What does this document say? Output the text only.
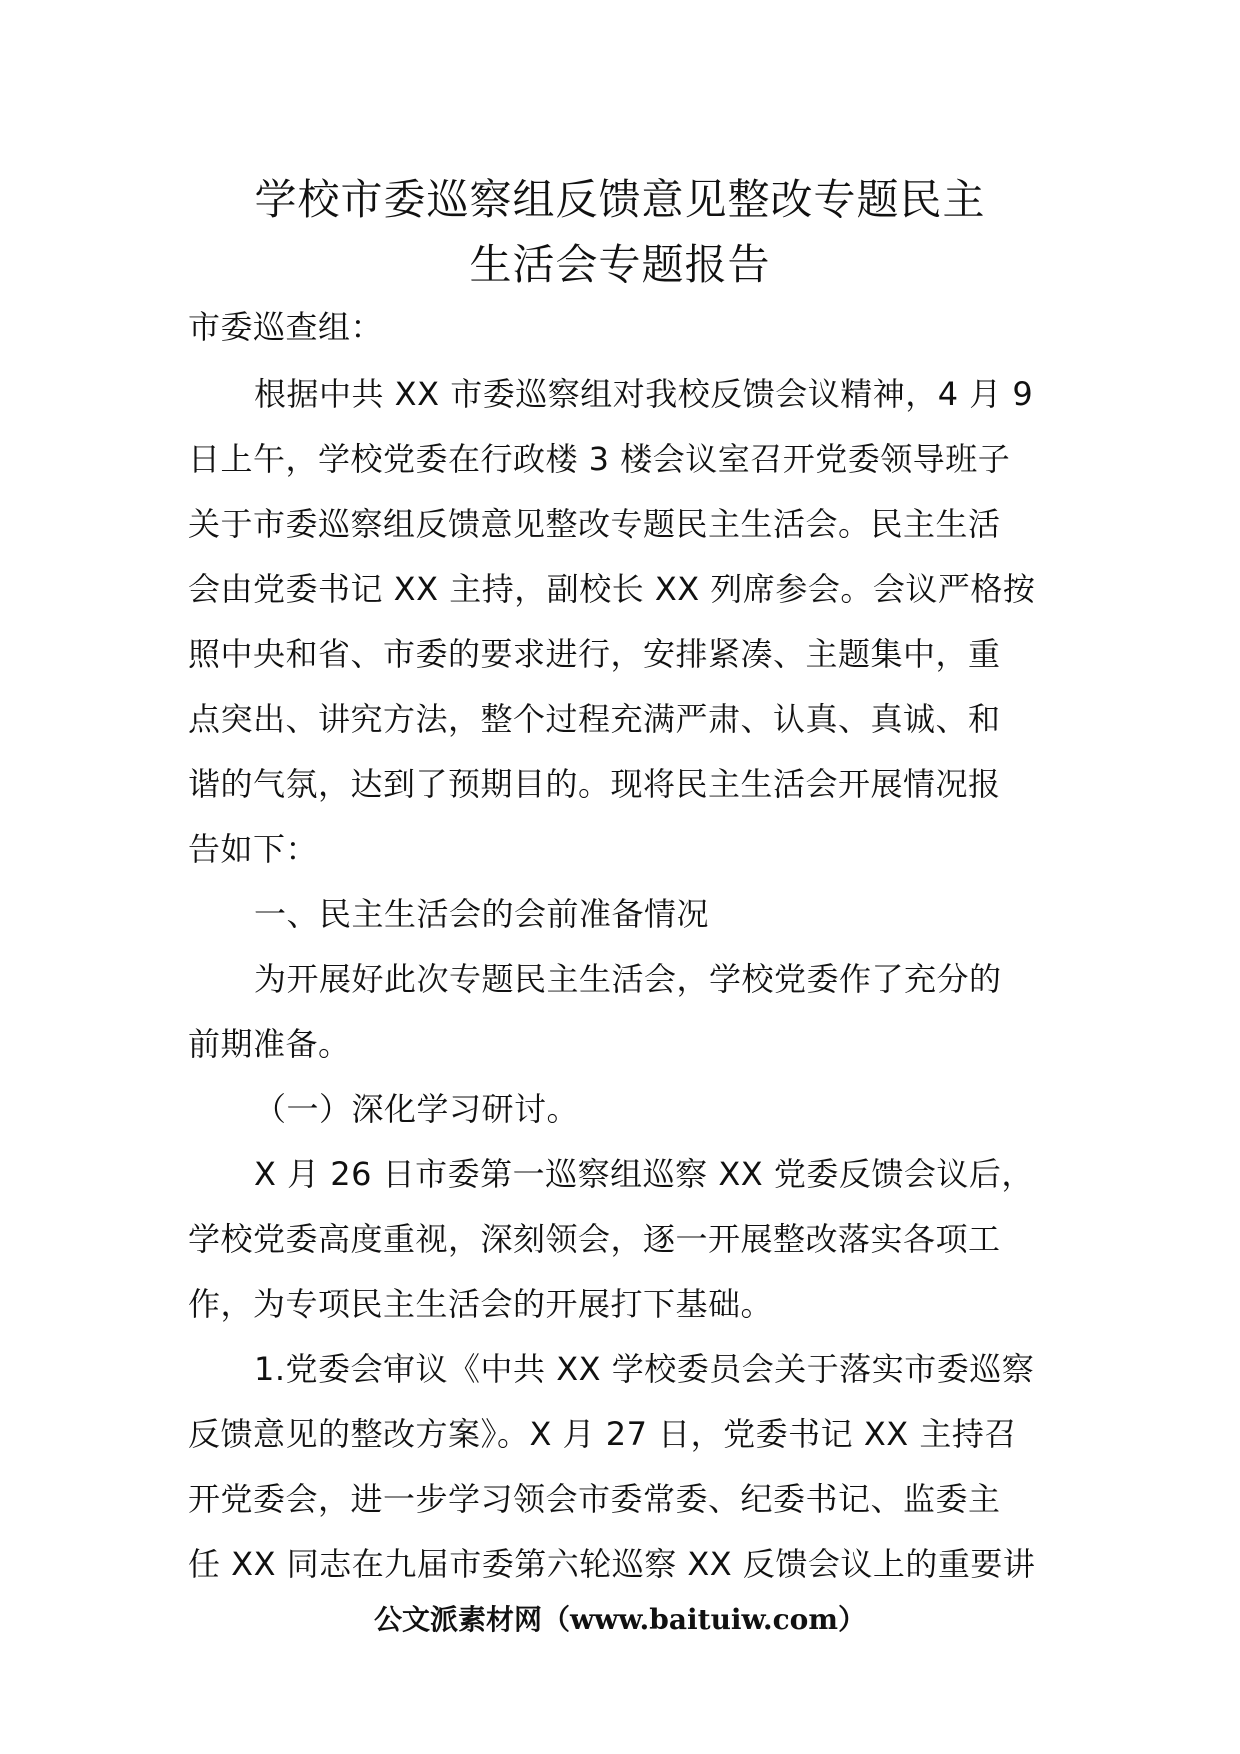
学校市委巡察组反馈意见整改专题民主
生活会专题报告
市委巡查组：
根据中共 XX 市委巡察组对我校反馈会议精神，4 月 9
日上午，学校党委在行政楼 3 楼会议室召开党委领导班子
关于市委巡察组反馈意见整改专题民主生活会。民主生活
会由党委书记 XX 主持，副校长 XX 列席参会。会议严格按
照中央和省、市委的要求进行，安排紧凑、主题集中，重
点突出、讲究方法，整个过程充满严肃、认真、真诚、和
谐的气氛，达到了预期目的。现将民主生活会开展情况报
告如下：
一、民主生活会的会前准备情况
为开展好此次专题民主生活会，学校党委作了充分的
前期准备。
（一）深化学习研讨。
X 月 26 日市委第一巡察组巡察 XX 党委反馈会议后，
学校党委高度重视，深刻领会，逐一开展整改落实各项工
作，为专项民主生活会的开展打下基础。
1.党委会审议《中共 XX 学校委员会关于落实市委巡察
反馈意见的整改方案》。X 月 27 日，党委书记 XX 主持召
开党委会，进一步学习领会市委常委、纪委书记、监委主
任 XX 同志在九届市委第六轮巡察 XX 反馈会议上的重要讲
公文派素材网（www.baituiw.com）
